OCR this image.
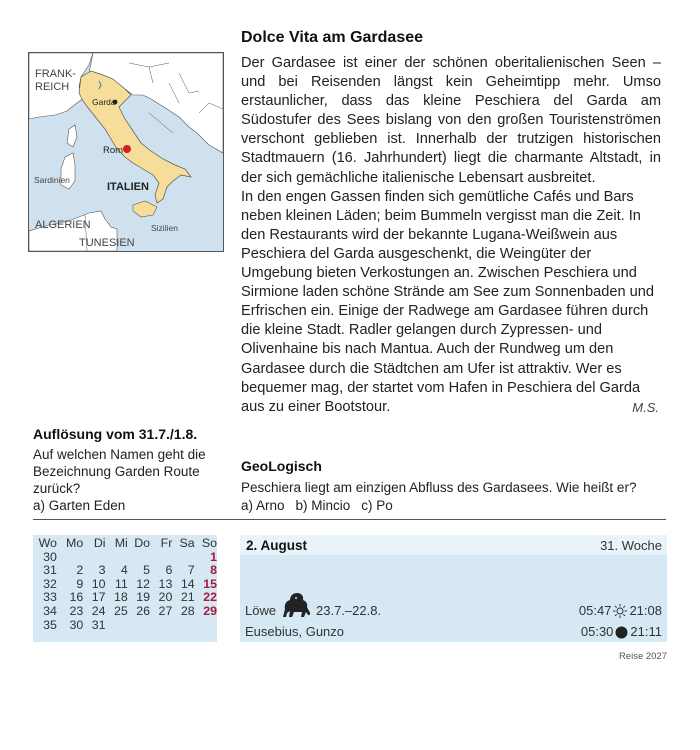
FRANK-
REICH
Garda
Rom
Sardinien
ITALIEN
Sizilien
ALGERIEN
TUNESIEN
Dolce Vita am Gardasee

Der Gardasee ist einer der schönen oberitalienischen Seen – und bei Reisenden längst kein Geheimtipp mehr. Umso erstaunlicher, dass das kleine Peschiera del Garda am Südostufer des Sees bislang von den großen Touristenströmen verschont geblieben ist. Innerhalb der trutzigen historischen Stadtmauern (16. Jahrhundert) liegt die charmante Altstadt, in der sich gemächliche italienische Lebensart ausbreitet.

In den engen Gassen finden sich gemütliche Cafés und Bars neben kleinen Läden; beim Bummeln vergisst man die Zeit. In den Restaurants wird der bekannte Lugana-Weißwein aus Peschiera del Garda ausgeschenkt, die Weingüter der Umgebung bieten Verkostungen an. Zwischen Peschiera und Sirmione laden schöne Strände am See zum Sonnenbaden und Erfrischen ein. Einige der Radwege am Gardasee führen durch die kleine Stadt. Radler gelangen durch Zypressen- und Olivenhaine bis nach Mantua. Auch der Rundweg um den Gardasee durch die Städtchen am Ufer ist attraktiv. Wer es bequemer mag, der startet vom Hafen in Peschiera del Garda aus zu einer Bootstour.	M.S.

Auflösung vom 31.7./1.8.
Auf welchen Namen geht die Bezeichnung Garden Route zurück?
a) Garten Eden
GeoLogisch
Peschiera liegt am einzigen Abfluss des Gardasees. Wie heißt er?
a) Arno b) Mincio c) Po
Wo	Mo	Di	Mi	Do	Fr	Sa	So
30							1
31	2	3	4	5	6	7	8
32	9	10	11	12	13	14	15
33	16	17	18	19	20	21	22
34	23	24	25	26	27	28	29
35	30	31					
2. August	31. Woche
Löwe	23.7.–22.8.
Eusebius, Gunzo
05:47 21:08
05:30 21:11
Reise 2027
